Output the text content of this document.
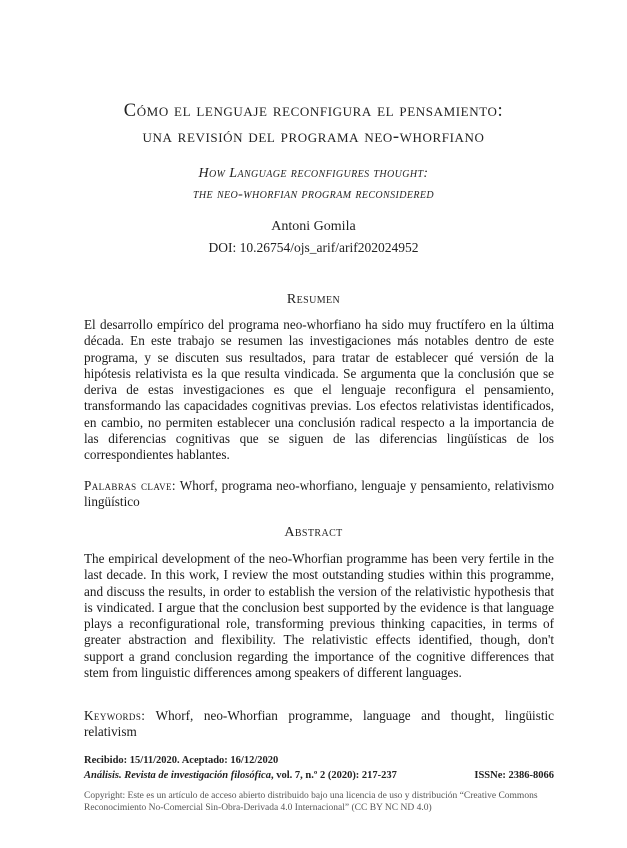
Cómo el lenguaje reconfigura el pensamiento:
una revisión del programa neo-whorfiano
How Language reconfigures thought:
the neo-whorfian program reconsidered
Antoni Gomila
DOI: 10.26754/ojs_arif/arif202024952
Resumen
El desarrollo empírico del programa neo-whorfiano ha sido muy fructífero en la última década. En este trabajo se resumen las investigaciones más notables dentro de este programa, y se discuten sus resultados, para tratar de establecer qué versión de la hipótesis relativista es la que resulta vindicada. Se argumenta que la conclusión que se deriva de estas investigaciones es que el lenguaje reconfigura el pensamiento, transformando las capacidades cognitivas previas. Los efectos relativistas identificados, en cambio, no permiten establecer una conclusión radical respecto a la importancia de las diferencias cognitivas que se siguen de las diferencias lingüísticas de los correspondientes hablantes.
Palabras clave: Whorf, programa neo-whorfiano, lenguaje y pensamiento, relativismo lingüístico
Abstract
The empirical development of the neo-Whorfian programme has been very fertile in the last decade. In this work, I review the most outstanding studies within this programme, and discuss the results, in order to establish the version of the relativistic hypothesis that is vindicated. I argue that the conclusion best supported by the evidence is that language plays a reconfigurational role, transforming previous thinking capacities, in terms of greater abstraction and flexibility. The relativistic effects identified, though, don't support a grand conclusion regarding the importance of the cognitive differences that stem from linguistic differences among speakers of different languages.
Keywords: Whorf, neo-Whorfian programme, language and thought, lingüistic relativism
Recibido: 15/11/2020. Aceptado: 16/12/2020
Análisis. Revista de investigación filosófica, vol. 7, n.º 2 (2020): 217-237	ISSNe: 2386-8066
Copyright: Este es un artículo de acceso abierto distribuido bajo una licencia de uso y distribución “Creative Commons Reconocimiento No-Comercial Sin-Obra-Derivada 4.0 Internacional” (CC BY NC ND 4.0)
